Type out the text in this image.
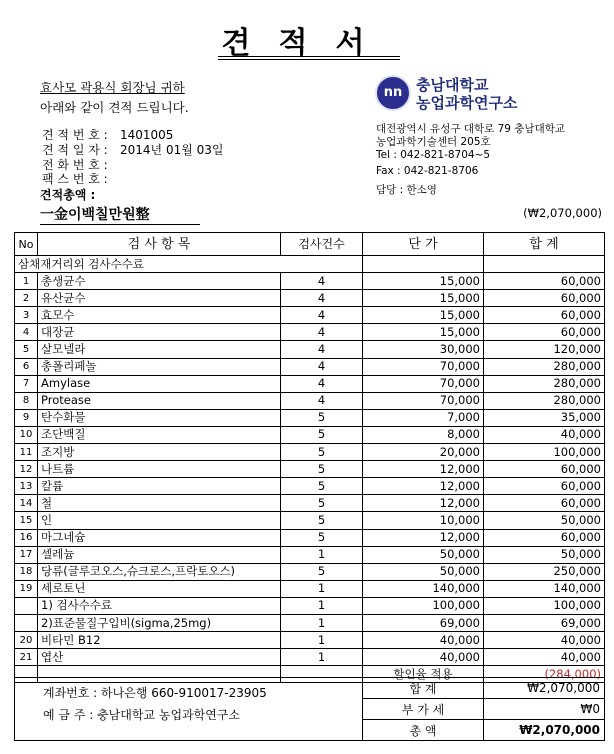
견적서
효사모 곽용식 회장님 귀하
아래와 같이 견적 드립니다.
견 적 번 호 : 1401005
견 적 일 자 : 2014년 01월 03일
전 화 번 호 :
팩 스 번 호 :
견적총액 :
一金이백칠만원整	(₩2,070,000)
nn 충남대학교
농업과학연구소
대전광역시 유성구 대학로 79 충남대학교
농업과학기술센터 205호
Tel : 042-821-8704~5
Fax : 042-821-8706
담당 : 한소영
No	검 사 항 목	검사건수	단 가	합 계
삼채재거리외 검사수수료				
1	총생균수	4	15,000	60,000
2	유산균수	4	15,000	60,000
3	효모수	4	15,000	60,000
4	대장균	4	15,000	60,000
5	살모넬라	4	30,000	120,000
6	총폴리페놀	4	70,000	280,000
7	Amylase	4	70,000	280,000
8	Protease	4	70,000	280,000
9	탄수화물	5	7,000	35,000
10	조단백질	5	8,000	40,000
11	조지방	5	20,000	100,000
12	나트륨	5	12,000	60,000
13	칼륨	5	12,000	60,000
14	철	5	12,000	60,000
15	인	5	10,000	50,000
16	마그네슘	5	12,000	60,000
17	셀레늄	1	50,000	50,000
18	당류(글루코오스,슈크로스,프락토오스)	5	50,000	250,000
19	세로토닌	1	140,000	140,000
	1) 검사수수료	1	100,000	100,000
	2)표준물질구입비(sigma,25mg)	1	69,000	69,000
20	비타민 B12	1	40,000	40,000
21	엽산	1	40,000	40,000
			할인율 적용	(284,000)
계좌번호 : 하나은행 660-910017-23905
예 금 주 : 충남대학교 농업과학연구소	합 계	₩2,070,000
	부 가 세	₩0
	총 액	₩2,070,000
